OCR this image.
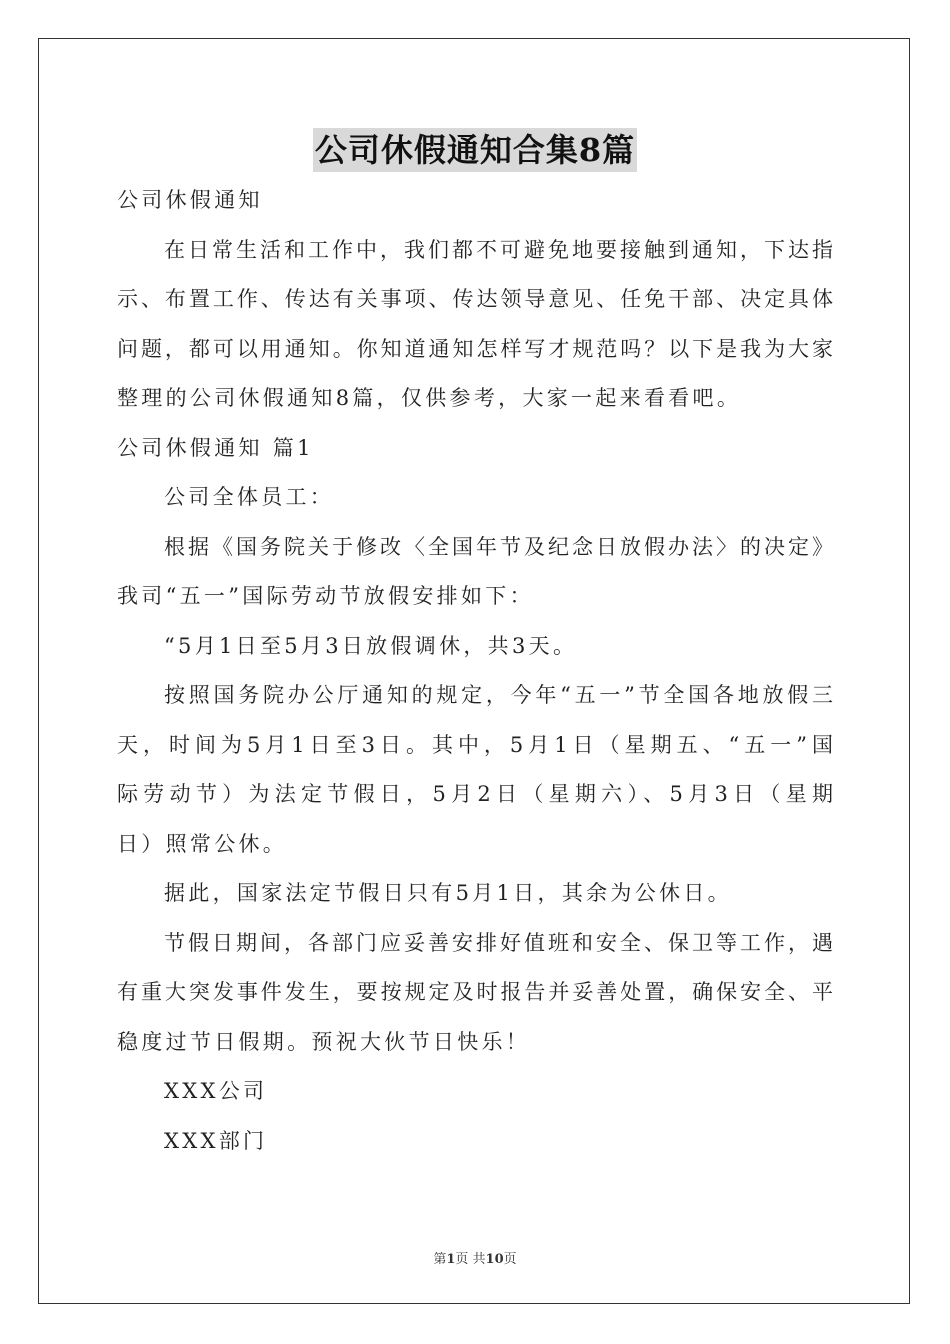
公司休假通知合集8篇
公司休假通知
在日常生活和工作中，我们都不可避免地要接触到通知，下达指
示、布置工作、传达有关事项、传达领导意见、任免干部、决定具体
问题，都可以用通知。你知道通知怎样写才规范吗？以下是我为大家
整理的公司休假通知8篇，仅供参考，大家一起来看看吧。
公司休假通知 篇1
公司全体员工：
根据《国务院关于修改〈全国年节及纪念日放假办法〉的决定》
我司“五一”国际劳动节放假安排如下：
“5月1日至5月3日放假调休，共3天。
按照国务院办公厅通知的规定，今年“五一”节全国各地放假三
天，时间为5月1日至3日。其中，5月1日（星期五、“五一”国
际劳动节）为法定节假日，5月2日（星期六）、5月3日（星期
日）照常公休。
据此，国家法定节假日只有5月1日，其余为公休日。
节假日期间，各部门应妥善安排好值班和安全、保卫等工作，遇
有重大突发事件发生，要按规定及时报告并妥善处置，确保安全、平
稳度过节日假期。预祝大伙节日快乐！
XXX公司
XXX部门
第1页 共10页
